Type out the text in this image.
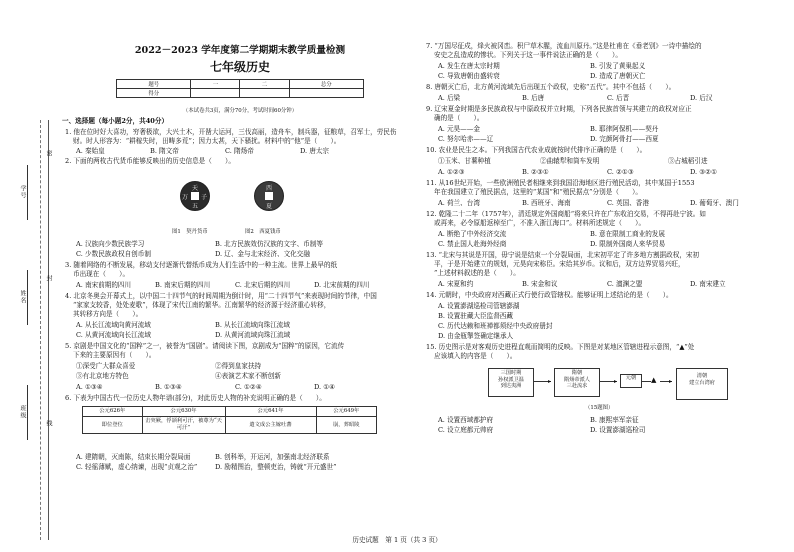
学号
姓名
班级
密
封
线
2022－2023 学年度第二学期期末教学质量检测
七年级历史
题号	一	二	总分
得分			
（本试卷共3页，满分70分，考试时间60分钟）
一、选择题（每小题2分，共40分）
1. 他在位时好大喜功，穷奢极欲，大兴土木，开凿大运河，三伐高丽，造舟车，制兵器，征粮草，召军士，劳民伤
财。时人形容为：“耕稼失时，田畴多荒”；因力太甚，天下骚扰。材料中的“他”是（　　）。
A. 秦始皇	B. 隋文帝	C. 隋炀帝	D. 唐太宗
2. 下面的两枚古代货币能够反映出的历史信息是（　　）。
天
五
万 子
西
夏
图1　契丹货币	图2　西夏钱币
A. 汉族向少数民族学习	B. 北方民族效仿汉族的文字、币制等
C. 少数民族政权自创币制	D. 辽、金与北宋经济、文化交融
3. 随着网络的不断发展，移动支付逐渐代替纸币成为人们生活中的一种主流。世界上最早的纸
币出现在（　　）。
A. 南宋前期的四川	B. 南宋后期的四川	C. 北宋后期的四川	D. 北宋前期的四川
4. 北京冬奥会开幕式上，以中国二十四节气的时间周期为倒计时，用“二十四节气”来表现时间的节律，中国
“家家支较香，处处麦歌”，体现了宋代江南的繁华。江南繁华的经济源于经济重心转移，
其转移方向是（　　）。
A. 从长江流域向黄河流域	B. 从长江流域向珠江流域
C. 从黄河流域向长江流域	D. 从黄河流域向珠江流域
5. 京剧是中国文化的“国粹”之一，被誉为“国剧”。请阅读下图，京剧成为“国粹”的原因，它流传
下来的主要原因有（　　）。
①深受广大群众喜爱	②得到皇家扶持
③有北京地方特色	④表演艺术家不断创新
A. ①③④	B. ①③④	C. ①②④	D. ①④
6. 下表为中国古代一位历史人物年谱(部分)，对此历史人物的补充说明正确的是（　　）。
公元626年	公元630年	公元641年	公元649年
即位登位	击突厥，俘颉利可汗，被尊为“天可汗”	遣文成公主嫁吐蕃	崩，葬昭陵
A. 建隋朝，灭南陈，结束长期分裂局面	B. 创科举，开运河，加强南北经济联系
C. 轻徭薄赋，虚心纳谏，出现“贞观之治”	D. 励精图治，整顿吏治，铸就“开元盛世”
7. “万国尽征戍，烽火被冈峦。积尸草木腥，流血川原丹。”这是杜甫在《垂老别》一诗中描绘的
安史之乱造成的惨状。下列关于这一事件说法正确的是（　　）。
A. 发生在唐太宗时期	B. 引发了黄巢起义
C. 导致唐朝由盛转衰	D. 造成了唐朝灭亡
8. 唐朝灭亡后，北方黄河流域先后出现五个政权，史称“五代”。其中不包括（　　）。
A. 后梁	B. 后唐	C. 后晋	D. 后汉
9. 辽宋夏金时期是多民族政权与中原政权并立时期，下列各民族首领与其建立的政权对应正
确的是（　　）。
A. 元昊——金	B. 耶律阿保机——契丹
C. 努尔哈赤——辽	D. 完颜阿骨打——西夏
10. 农业是民生之本。下列我国古代农业成就按时代排序正确的是（　　）。
①玉米、甘薯种植	②曲辕犁和筒车发明	③占城稻引进
A. ①②③	B. ②③①	C. ②①③	D. ③②①
11. 从16世纪开始，一些欧洲殖民者相继来到我国沿海地区进行殖民活动，其中某国于1553
年在我国建立了殖民据点，这里的“某国”和“殖民据点”分别是（　　）。
A. 荷兰、台湾	B. 西班牙、海南	C. 英国、香港	D. 葡萄牙、澳门
12. 乾隆二十二年（1757年），清廷规定外国商船“将来只许在广东收泊交易，不得再赴宁波。如
或再来，必令原船返棹至广，不准入浙江海口”。材料所述规定（　　）。
A. 断绝了中外经济交流	B. 意在限制工商业的发展
C. 禁止国人赴海外经商	D. 限制外国商人来华贸易
13. “北宋与其说是开国，毋宁说是结束一个分裂局面，北宋初平定了许多地方割据政权，宋初
平，于是开始建立的规划，元昊向宋称臣。宋给其岁币。议和后，双方边界贸易兴旺，
”上述材料叙述的是（　　）。
A. 宋夏和约	B. 宋金和议	C. 澶渊之盟	D. 南宋建立
14. 元朝时，中央政府对西藏正式行使行政管辖权。能够证明上述结论的是（　　）。
A. 设置澎湖巡检司管辖澎湖
B. 设置驻藏大臣监督西藏
C. 历代达赖和班禅都须经中央政府册封
D. 由金瓶掣签确定继承人
15. 历史图示是对客观历史进程直观而简明的反映。下图是对某地区管辖进程示意图，“▲”处
应该填入的内容是（　　）。
三国时期
孙权派卫温
到达夷洲
▸
隋朝
隋炀帝派人
三赴流求
▸	元朝	▲ ▸
清朝
建立台湾府
（15题图）
A. 设置西域都护府	B. 康熙率军亲征
C. 设立庭都元帅府	D. 设置澎湖巡检司
历史试题　第 1 页（共 3 页）
